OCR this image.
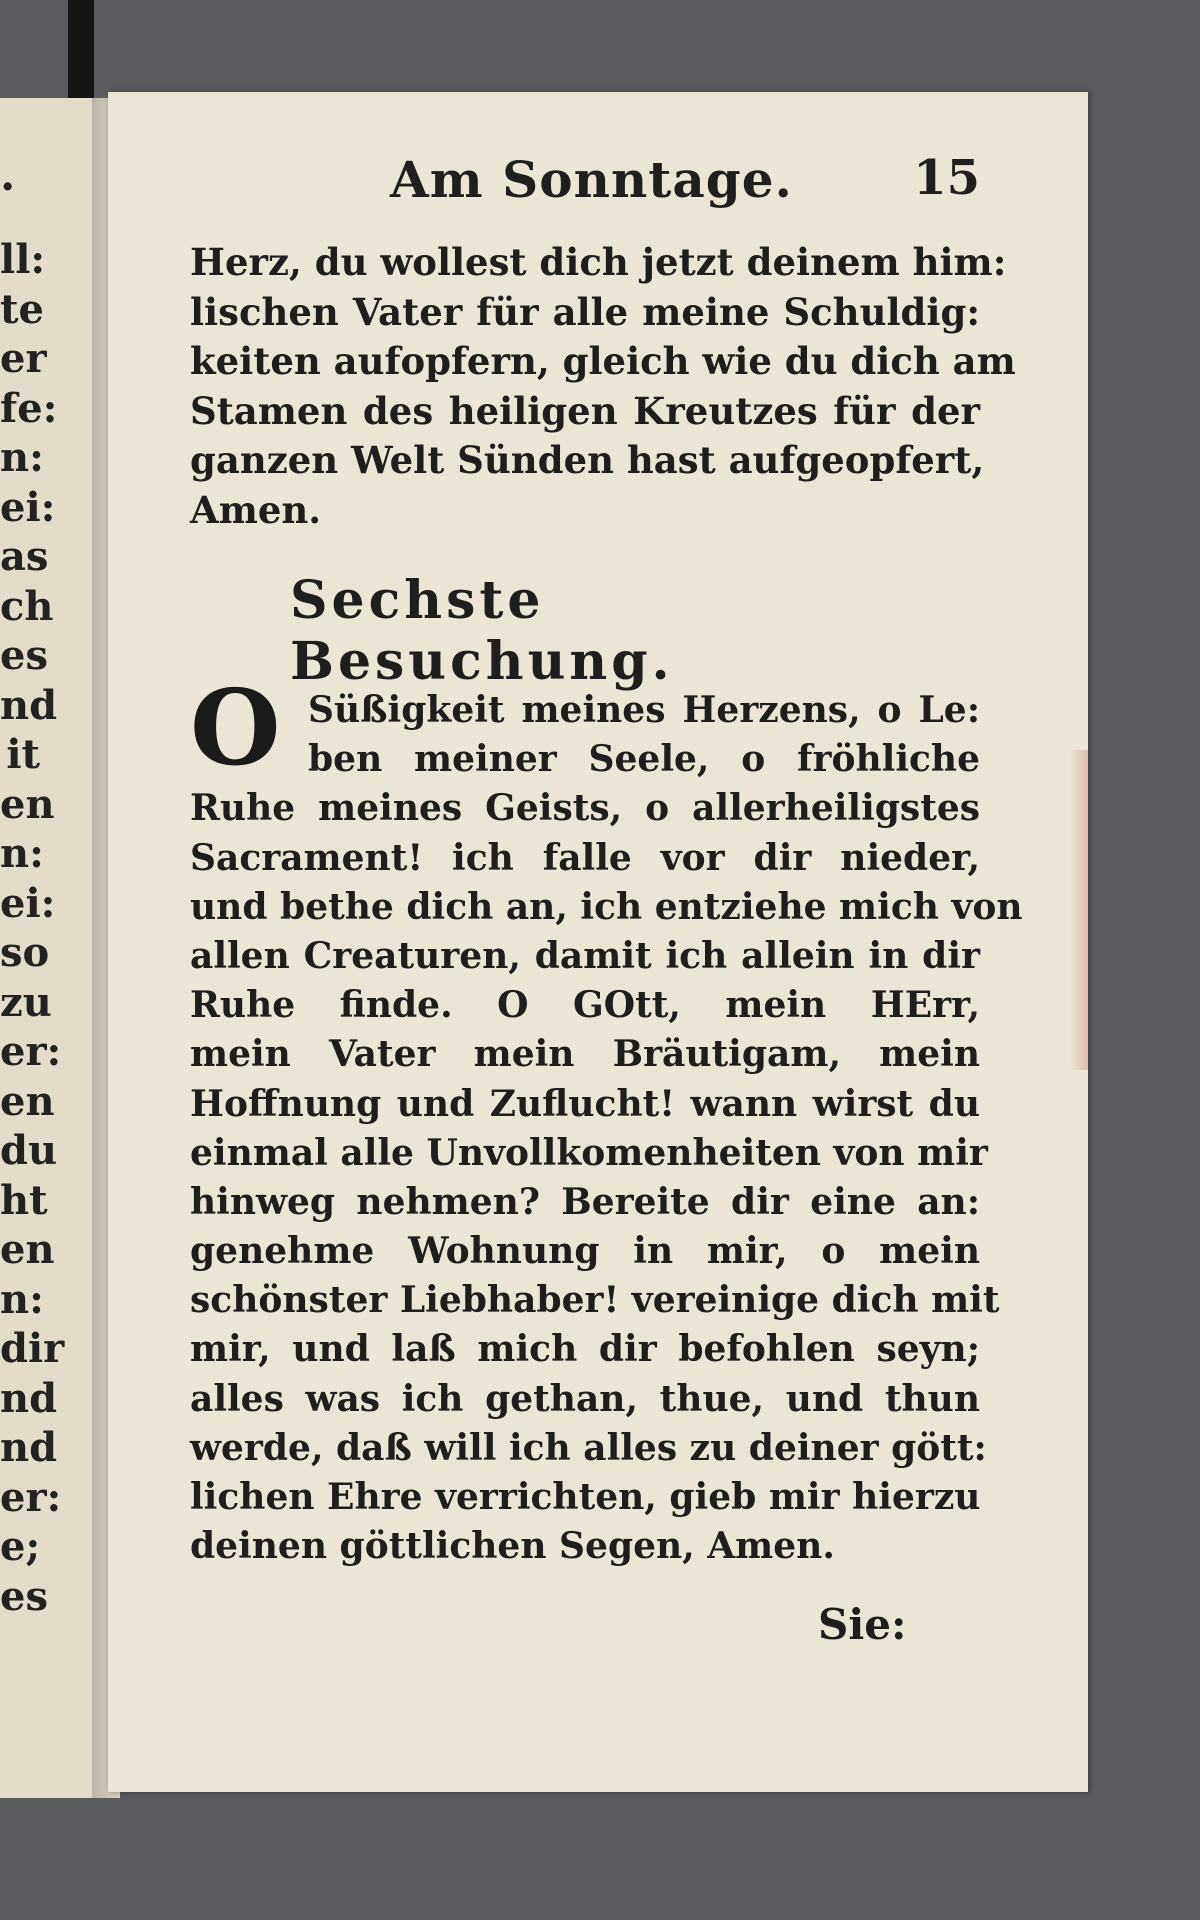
.
ll:
te
er
fe:
n:
ei:
as
ch
es
nd
it
en
n:
ei:
so
zu
er:
en
du
ht
en
n:
dir
nd
nd
er:
e;
es
Am Sonntage.	15
Herz, du wollest dich jetzt deinem him:
lischen Vater für alle meine Schuldig:
keiten aufopfern, gleich wie du dich am
Stamen des heiligen Kreutzes für der
ganzen Welt Sünden hast aufgeopfert,
Amen.
Sechste Besuchung.
O Süßigkeit meines Herzens, o Le:
ben meiner Seele, o fröhliche
Ruhe meines Geists, o allerheiligstes
Sacrament! ich falle vor dir nieder,
und bethe dich an, ich entziehe mich von
allen Creaturen, damit ich allein in dir
Ruhe finde. O GOtt, mein HErr,
mein Vater mein Bräutigam, mein
Hoffnung und Zuflucht! wann wirst du
einmal alle Unvollkomenheiten von mir
hinweg nehmen? Bereite dir eine an:
genehme Wohnung in mir, o mein
schönster Liebhaber! vereinige dich mit
mir, und laß mich dir befohlen seyn;
alles was ich gethan, thue, und thun
werde, daß will ich alles zu deiner gött:
lichen Ehre verrichten, gieb mir hierzu
deinen göttlichen Segen, Amen.
Sie:
